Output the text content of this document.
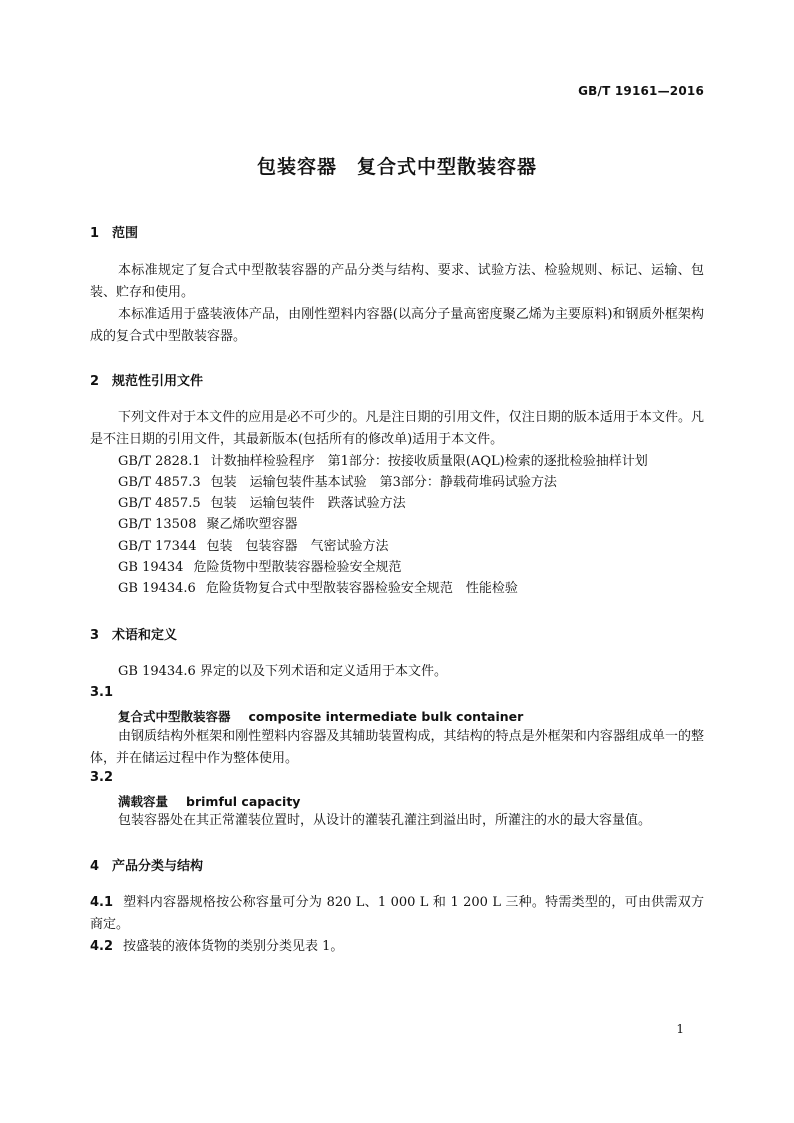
GB/T 19161—2016
包装容器　复合式中型散装容器
1 范围
本标准规定了复合式中型散装容器的产品分类与结构、要求、试验方法、检验规则、标记、运输、包装、贮存和使用。
本标准适用于盛装液体产品，由刚性塑料内容器(以高分子量高密度聚乙烯为主要原料)和钢质外框架构成的复合式中型散装容器。
2 规范性引用文件
下列文件对于本文件的应用是必不可少的。凡是注日期的引用文件，仅注日期的版本适用于本文件。凡是不注日期的引用文件，其最新版本(包括所有的修改单)适用于本文件。
GB/T 2828.1 计数抽样检验程序　第1部分：按接收质量限(AQL)检索的逐批检验抽样计划
GB/T 4857.3 包装　运输包装件基本试验　第3部分：静载荷堆码试验方法
GB/T 4857.5 包装　运输包装件　跌落试验方法
GB/T 13508 聚乙烯吹塑容器
GB/T 17344 包装　包装容器　气密试验方法
GB 19434 危险货物中型散装容器检验安全规范
GB 19434.6 危险货物复合式中型散装容器检验安全规范　性能检验
3 术语和定义
GB 19434.6 界定的以及下列术语和定义适用于本文件。
3.1
复合式中型散装容器 composite intermediate bulk container
由钢质结构外框架和刚性塑料内容器及其辅助装置构成，其结构的特点是外框架和内容器组成单一的整体，并在储运过程中作为整体使用。
3.2
满载容量 brimful capacity
包装容器处在其正常灌装位置时，从设计的灌装孔灌注到溢出时，所灌注的水的最大容量值。
4 产品分类与结构
4.1 塑料内容器规格按公称容量可分为 820 L、1 000 L 和 1 200 L 三种。特需类型的，可由供需双方商定。
4.2 按盛装的液体货物的类别分类见表 1。
1
